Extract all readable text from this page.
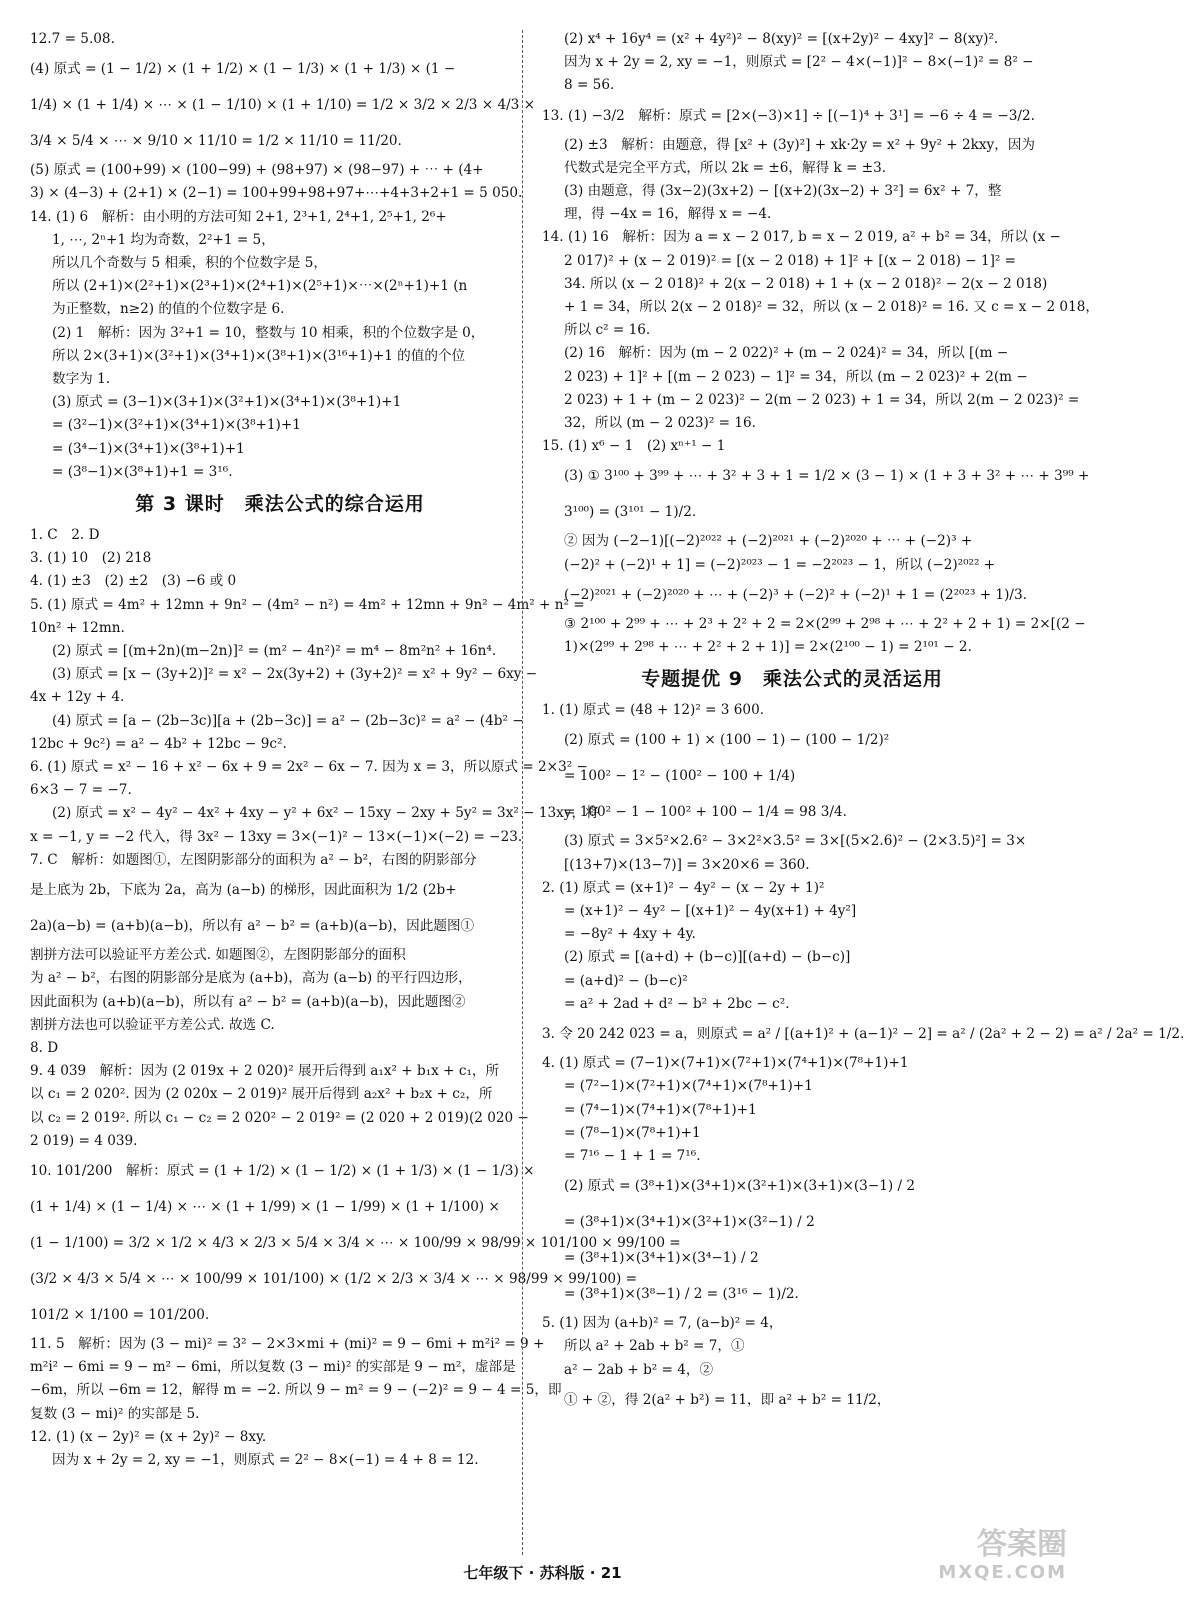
12.7 = 5.08.
(4) 原式 = (1 − 1/2) × (1 + 1/2) × (1 − 1/3) × (1 + 1/3) × (1 −
1/4) × (1 + 1/4) × ⋯ × (1 − 1/10) × (1 + 1/10) = 1/2 × 3/2 × 2/3 × 4/3 ×
3/4 × 5/4 × ⋯ × 9/10 × 11/10 = 1/2 × 11/10 = 11/20.
(5) 原式 = (100+99) × (100−99) + (98+97) × (98−97) + ⋯ + (4+
3) × (4−3) + (2+1) × (2−1) = 100+99+98+97+⋯+4+3+2+1 = 5 050.
14. (1) 6　解析：由小明的方法可知 2+1, 2³+1, 2⁴+1, 2⁵+1, 2⁶+
1, ⋯, 2ⁿ+1 均为奇数，2²+1 = 5，
所以几个奇数与 5 相乘，积的个位数字是 5，
所以 (2+1)×(2²+1)×(2³+1)×(2⁴+1)×(2⁵+1)×⋯×(2ⁿ+1)+1 (n
为正整数，n≥2) 的值的个位数字是 6.
(2) 1　解析：因为 3²+1 = 10，整数与 10 相乘，积的个位数字是 0，
所以 2×(3+1)×(3²+1)×(3⁴+1)×(3⁸+1)×(3¹⁶+1)+1 的值的个位
数字为 1.
(3) 原式 = (3−1)×(3+1)×(3²+1)×(3⁴+1)×(3⁸+1)+1
= (3²−1)×(3²+1)×(3⁴+1)×(3⁸+1)+1
= (3⁴−1)×(3⁴+1)×(3⁸+1)+1
= (3⁸−1)×(3⁸+1)+1 = 3¹⁶.
第 3 课时　乘法公式的综合运用
1. C　2. D
3. (1) 10　(2) 218
4. (1) ±3　(2) ±2　(3) −6 或 0
5. (1) 原式 = 4m² + 12mn + 9n² − (4m² − n²) = 4m² + 12mn + 9n² − 4m² + n² =
10n² + 12mn.
(2) 原式 = [(m+2n)(m−2n)]² = (m² − 4n²)² = m⁴ − 8m²n² + 16n⁴.
(3) 原式 = [x − (3y+2)]² = x² − 2x(3y+2) + (3y+2)² = x² + 9y² − 6xy −
4x + 12y + 4.
(4) 原式 = [a − (2b−3c)][a + (2b−3c)] = a² − (2b−3c)² = a² − (4b² −
12bc + 9c²) = a² − 4b² + 12bc − 9c².
6. (1) 原式 = x² − 16 + x² − 6x + 9 = 2x² − 6x − 7. 因为 x = 3，所以原式 = 2×3² −
6×3 − 7 = −7.
(2) 原式 = x² − 4y² − 4x² + 4xy − y² + 6x² − 15xy − 2xy + 5y² = 3x² − 13xy，将
x = −1, y = −2 代入，得 3x² − 13xy = 3×(−1)² − 13×(−1)×(−2) = −23.
7. C　解析：如题图①，左图阴影部分的面积为 a² − b²，右图的阴影部分
是上底为 2b，下底为 2a，高为 (a−b) 的梯形，因此面积为 1/2 (2b+
2a)(a−b) = (a+b)(a−b)，所以有 a² − b² = (a+b)(a−b)，因此题图①
割拼方法可以验证平方差公式. 如题图②，左图阴影部分的面积
为 a² − b²，右图的阴影部分是底为 (a+b)，高为 (a−b) 的平行四边形，
因此面积为 (a+b)(a−b)，所以有 a² − b² = (a+b)(a−b)，因此题图②
割拼方法也可以验证平方差公式. 故选 C.
8. D
9. 4 039　解析：因为 (2 019x + 2 020)² 展开后得到 a₁x² + b₁x + c₁，所
以 c₁ = 2 020². 因为 (2 020x − 2 019)² 展开后得到 a₂x² + b₂x + c₂，所
以 c₂ = 2 019². 所以 c₁ − c₂ = 2 020² − 2 019² = (2 020 + 2 019)(2 020 −
2 019) = 4 039.
10. 101/200　解析：原式 = (1 + 1/2) × (1 − 1/2) × (1 + 1/3) × (1 − 1/3) ×
(1 + 1/4) × (1 − 1/4) × ⋯ × (1 + 1/99) × (1 − 1/99) × (1 + 1/100) ×
(1 − 1/100) = 3/2 × 1/2 × 4/3 × 2/3 × 5/4 × 3/4 × ⋯ × 100/99 × 98/99 × 101/100 × 99/100 =
(3/2 × 4/3 × 5/4 × ⋯ × 100/99 × 101/100) × (1/2 × 2/3 × 3/4 × ⋯ × 98/99 × 99/100) =
101/2 × 1/100 = 101/200.
11. 5　解析：因为 (3 − mi)² = 3² − 2×3×mi + (mi)² = 9 − 6mi + m²i² = 9 +
m²i² − 6mi = 9 − m² − 6mi，所以复数 (3 − mi)² 的实部是 9 − m²，虚部是
−6m，所以 −6m = 12，解得 m = −2. 所以 9 − m² = 9 − (−2)² = 9 − 4 = 5，即
复数 (3 − mi)² 的实部是 5.
12. (1) (x − 2y)² = (x + 2y)² − 8xy.
因为 x + 2y = 2, xy = −1，则原式 = 2² − 8×(−1) = 4 + 8 = 12.
(2) x⁴ + 16y⁴ = (x² + 4y²)² − 8(xy)² = [(x+2y)² − 4xy]² − 8(xy)².
因为 x + 2y = 2, xy = −1，则原式 = [2² − 4×(−1)]² − 8×(−1)² = 8² −
8 = 56.
13. (1) −3/2　解析：原式 = [2×(−3)×1] ÷ [(−1)⁴ + 3¹] = −6 ÷ 4 = −3/2.
(2) ±3　解析：由题意，得 [x² + (3y)²] + xk·2y = x² + 9y² + 2kxy，因为
代数式是完全平方式，所以 2k = ±6，解得 k = ±3.
(3) 由题意，得 (3x−2)(3x+2) − [(x+2)(3x−2) + 3²] = 6x² + 7，整
理，得 −4x = 16，解得 x = −4.
14. (1) 16　解析：因为 a = x − 2 017, b = x − 2 019, a² + b² = 34，所以 (x −
2 017)² + (x − 2 019)² = [(x − 2 018) + 1]² + [(x − 2 018) − 1]² =
34. 所以 (x − 2 018)² + 2(x − 2 018) + 1 + (x − 2 018)² − 2(x − 2 018)
+ 1 = 34，所以 2(x − 2 018)² = 32，所以 (x − 2 018)² = 16. 又 c = x − 2 018，
所以 c² = 16.
(2) 16　解析：因为 (m − 2 022)² + (m − 2 024)² = 34，所以 [(m −
2 023) + 1]² + [(m − 2 023) − 1]² = 34，所以 (m − 2 023)² + 2(m −
2 023) + 1 + (m − 2 023)² − 2(m − 2 023) + 1 = 34，所以 2(m − 2 023)² =
32，所以 (m − 2 023)² = 16.
15. (1) x⁶ − 1　(2) xⁿ⁺¹ − 1
(3) ① 3¹⁰⁰ + 3⁹⁹ + ⋯ + 3² + 3 + 1 = 1/2 × (3 − 1) × (1 + 3 + 3² + ⋯ + 3⁹⁹ +
3¹⁰⁰) = (3¹⁰¹ − 1)/2.
② 因为 (−2−1)[(−2)²⁰²² + (−2)²⁰²¹ + (−2)²⁰²⁰ + ⋯ + (−2)³ +
(−2)² + (−2)¹ + 1] = (−2)²⁰²³ − 1 = −2²⁰²³ − 1，所以 (−2)²⁰²² +
(−2)²⁰²¹ + (−2)²⁰²⁰ + ⋯ + (−2)³ + (−2)² + (−2)¹ + 1 = (2²⁰²³ + 1)/3.
③ 2¹⁰⁰ + 2⁹⁹ + ⋯ + 2³ + 2² + 2 = 2×(2⁹⁹ + 2⁹⁸ + ⋯ + 2² + 2 + 1) = 2×[(2 −
1)×(2⁹⁹ + 2⁹⁸ + ⋯ + 2² + 2 + 1)] = 2×(2¹⁰⁰ − 1) = 2¹⁰¹ − 2.
专题提优 9　乘法公式的灵活运用
1. (1) 原式 = (48 + 12)² = 3 600.
(2) 原式 = (100 + 1) × (100 − 1) − (100 − 1/2)²
= 100² − 1² − (100² − 100 + 1/4)
= 100² − 1 − 100² + 100 − 1/4 = 98 3/4.
(3) 原式 = 3×5²×2.6² − 3×2²×3.5² = 3×[(5×2.6)² − (2×3.5)²] = 3×
[(13+7)×(13−7)] = 3×20×6 = 360.
2. (1) 原式 = (x+1)² − 4y² − (x − 2y + 1)²
= (x+1)² − 4y² − [(x+1)² − 4y(x+1) + 4y²]
= −8y² + 4xy + 4y.
(2) 原式 = [(a+d) + (b−c)][(a+d) − (b−c)]
= (a+d)² − (b−c)²
= a² + 2ad + d² − b² + 2bc − c².
3. 令 20 242 023 = a，则原式 = a² / [(a+1)² + (a−1)² − 2] = a² / (2a² + 2 − 2) = a² / 2a² = 1/2.
4. (1) 原式 = (7−1)×(7+1)×(7²+1)×(7⁴+1)×(7⁸+1)+1
= (7²−1)×(7²+1)×(7⁴+1)×(7⁸+1)+1
= (7⁴−1)×(7⁴+1)×(7⁸+1)+1
= (7⁸−1)×(7⁸+1)+1
= 7¹⁶ − 1 + 1 = 7¹⁶.
(2) 原式 = (3⁸+1)×(3⁴+1)×(3²+1)×(3+1)×(3−1) / 2
= (3⁸+1)×(3⁴+1)×(3²+1)×(3²−1) / 2
= (3⁸+1)×(3⁴+1)×(3⁴−1) / 2
= (3⁸+1)×(3⁸−1) / 2 = (3¹⁶ − 1)/2.
5. (1) 因为 (a+b)² = 7, (a−b)² = 4，
所以 a² + 2ab + b² = 7，①
a² − 2ab + b² = 4，②
① + ②，得 2(a² + b²) = 11，即 a² + b² = 11/2，
七年级下 · 苏科版 · 21
答案圈
MXQE.COM
